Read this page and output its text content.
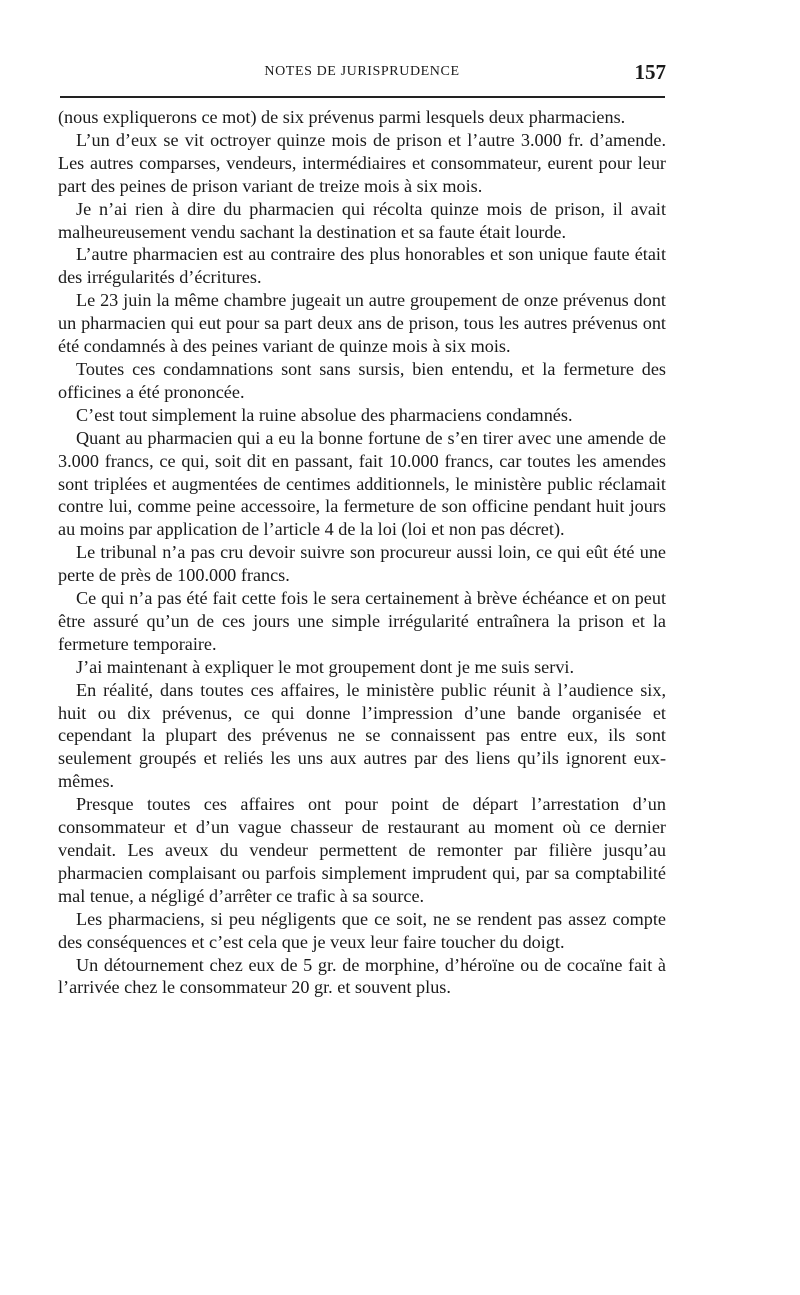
NOTES DE JURISPRUDENCE	157

(nous expliquerons ce mot) de six prévenus parmi lesquels deux pharmaciens.

L’un d’eux se vit octroyer quinze mois de prison et l’autre 3.000 fr. d’amende. Les autres comparses, vendeurs, intermédiaires et consommateur, eurent pour leur part des peines de prison variant de treize mois à six mois.

Je n’ai rien à dire du pharmacien qui récolta quinze mois de prison, il avait malheureusement vendu sachant la destination et sa faute était lourde.

L’autre pharmacien est au contraire des plus honorables et son unique faute était des irrégularités d’écritures.

Le 23 juin la même chambre jugeait un autre groupement de onze prévenus dont un pharmacien qui eut pour sa part deux ans de prison, tous les autres prévenus ont été condamnés à des peines variant de quinze mois à six mois.

Toutes ces condamnations sont sans sursis, bien entendu, et la fermeture des officines a été prononcée.

C’est tout simplement la ruine absolue des pharmaciens condamnés.

Quant au pharmacien qui a eu la bonne fortune de s’en tirer avec une amende de 3.000 francs, ce qui, soit dit en passant, fait 10.000 francs, car toutes les amendes sont triplées et augmentées de centimes additionnels, le ministère public réclamait contre lui, comme peine accessoire, la fermeture de son officine pendant huit jours au moins par application de l’article 4 de la loi (loi et non pas décret).

Le tribunal n’a pas cru devoir suivre son procureur aussi loin, ce qui eût été une perte de près de 100.000 francs.

Ce qui n’a pas été fait cette fois le sera certainement à brève échéance et on peut être assuré qu’un de ces jours une simple irrégularité entraînera la prison et la fermeture temporaire.

J’ai maintenant à expliquer le mot groupement dont je me suis servi.

En réalité, dans toutes ces affaires, le ministère public réunit à l’audience six, huit ou dix prévenus, ce qui donne l’impression d’une bande organisée et cependant la plupart des prévenus ne se connaissent pas entre eux, ils sont seulement groupés et reliés les uns aux autres par des liens qu’ils ignorent eux-mêmes.

Presque toutes ces affaires ont pour point de départ l’arrestation d’un consommateur et d’un vague chasseur de restaurant au moment où ce dernier vendait. Les aveux du vendeur permettent de remonter par filière jusqu’au pharmacien complaisant ou parfois simplement imprudent qui, par sa comptabilité mal tenue, a négligé d’arrêter ce trafic à sa source.

Les pharmaciens, si peu négligents que ce soit, ne se rendent pas assez compte des conséquences et c’est cela que je veux leur faire toucher du doigt.

Un détournement chez eux de 5 gr. de morphine, d’héroïne ou de cocaïne fait à l’arrivée chez le consommateur 20 gr. et souvent plus.
